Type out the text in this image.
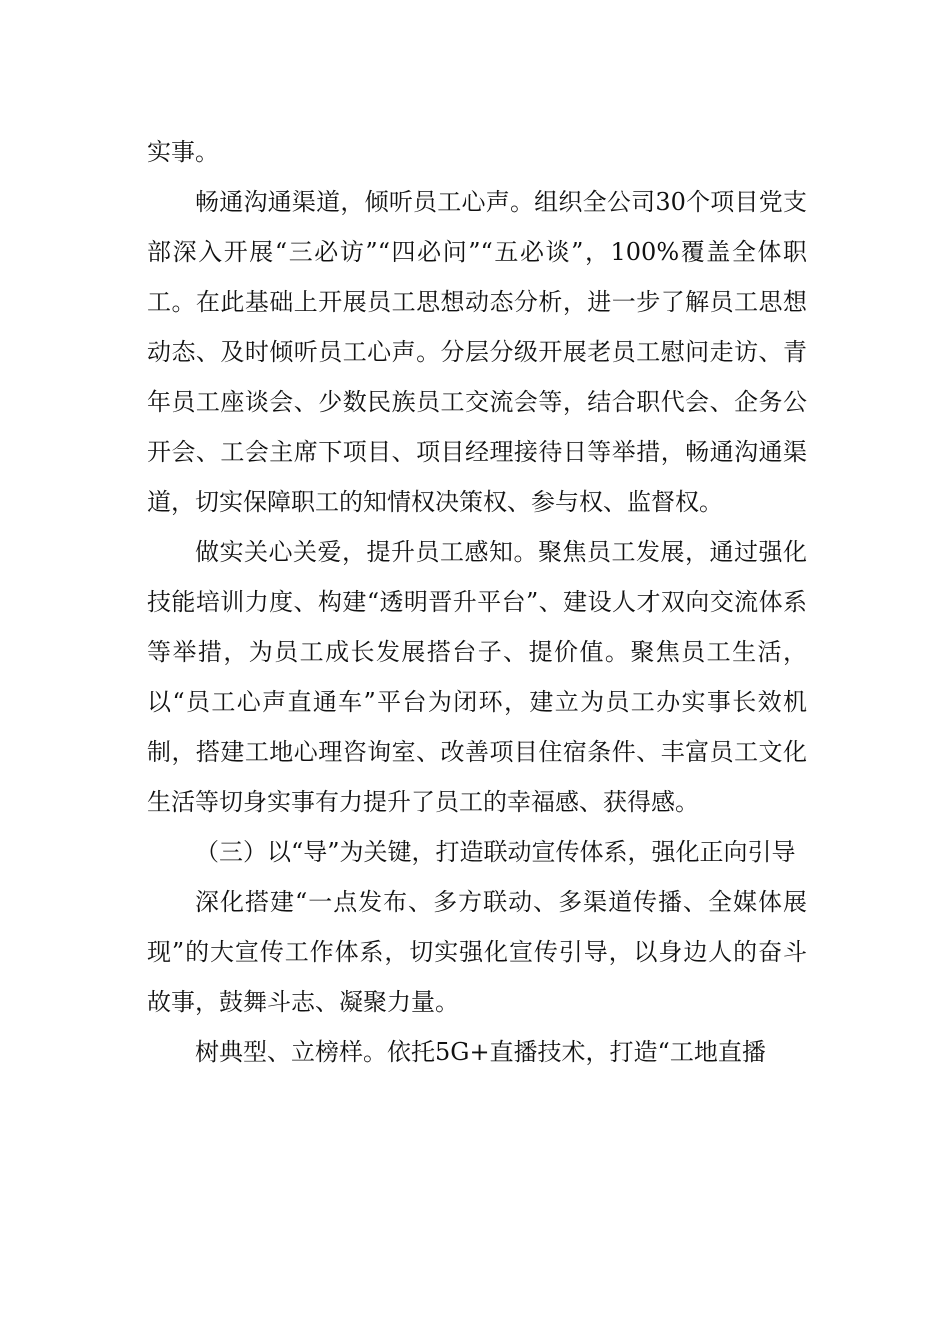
实事。

畅通沟通渠道，倾听员工心声。组织全公司30个项目党支部深入开展“三必访”“四必问”“五必谈”，100%覆盖全体职工。在此基础上开展员工思想动态分析，进一步了解员工思想动态、及时倾听员工心声。分层分级开展老员工慰问走访、青年员工座谈会、少数民族员工交流会等，结合职代会、企务公开会、工会主席下项目、项目经理接待日等举措，畅通沟通渠道，切实保障职工的知情权决策权、参与权、监督权。

做实关心关爱，提升员工感知。聚焦员工发展，通过强化技能培训力度、构建“透明晋升平台”、建设人才双向交流体系等举措，为员工成长发展搭台子、提价值。聚焦员工生活，以“员工心声直通车”平台为闭环，建立为员工办实事长效机制，搭建工地心理咨询室、改善项目住宿条件、丰富员工文化生活等切身实事有力提升了员工的幸福感、获得感。

（三）以“导”为关键，打造联动宣传体系，强化正向引导

深化搭建“一点发布、多方联动、多渠道传播、全媒体展现”的大宣传工作体系，切实强化宣传引导，以身边人的奋斗故事，鼓舞斗志、凝聚力量。

树典型、立榜样。依托5G+直播技术，打造“工地直播
